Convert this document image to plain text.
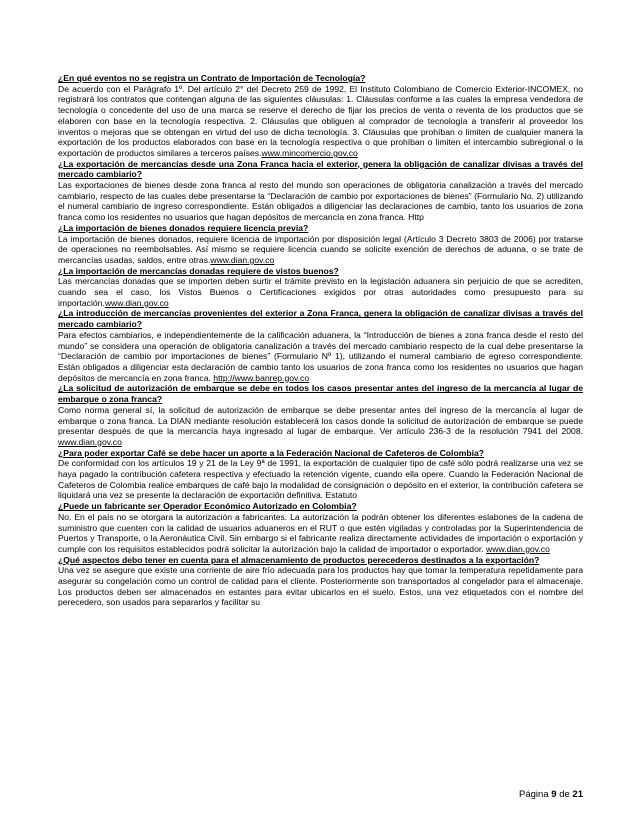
¿En qué eventos no se registra un Contrato de Importación de Tecnología?

De acuerdo con el Parágrafo 1º. Del artículo 2° del Decreto 259 de 1992, El Instituto Colombiano de Comercio Exterior-INCOMEX, no registrará los contratos que contengan alguna de las siguientes cláusulas: 1. Cláusulas conforme a las cuales la empresa vendedora de tecnología o concedente del uso de una marca se reserve el derecho de fijar los precios de venta o reventa de los productos que se elaboren con base en la tecnología respectiva. 2. Cláusulas que obliguen al comprador de tecnología a transferir al proveedor los inventos o mejoras que se obtengan en virtud del uso de dicha tecnología. 3. Cláusulas que prohíban o limiten de cualquier manera la exportación de los productos elaborados con base en la tecnología respectiva o que prohíban o limiten el intercambio subregional o la exportación de productos similares a terceros países.www.mincomercio.gov.co

¿La exportación de mercancías desde una Zona Franca hacia el exterior, genera la obligación de canalizar divisas a través del mercado cambiario?

Las exportaciones de bienes desde zona franca al resto del mundo son operaciones de obligatoria canalización a través del mercado cambiario, respecto de las cuales debe presentarse la “Declaración de cambio por exportaciones de bienes” (Formulario No. 2) utilizando el numeral cambiario de ingreso correspondiente. Están obligados a diligenciar las declaraciones de cambio, tanto los usuarios de zona franca como los residentes no usuarios que hagan depósitos de mercancía en zona franca. Http

¿La importación de bienes donados requiere licencia previa?

La importación de bienes donados, requiere licencia de importación por disposición legal (Artículo 3 Decreto 3803 de 2006) por tratarse de operaciones no reembolsables. Así mismo se requiere licencia cuando se solicite exención de derechos de aduana, o se trate de mercancías usadas, saldos, entre otras.www.dian.gov.co

¿La importación de mercancías donadas requiere de vistos buenos?

Las mercancías donadas que se importen deben surtir el trámite previsto en la legislación aduanera sin perjuicio de que se acrediten, cuando sea el caso, los Vistos Buenos o Certificaciones exigidos por otras autoridades como presupuesto para su importación.www.dian.gov.co

¿La introducción de mercancías provenientes del exterior a Zona Franca, genera la obligación de canalizar divisas a través del mercado cambiario?

Para efectos cambiarios, e independientemente de la calificación aduanera, la “Introducción de bienes a zona franca desde el resto del mundo” se considera una operación de obligatoria canalización a través del mercado cambiario respecto de la cual debe presentarse la “Declaración de cambio por importaciones de bienes” (Formulario Nº 1), utilizando el numeral cambiario de egreso correspondiente. Están obligados a diligenciar esta declaración de cambio tanto los usuarios de zona franca como los residentes no usuarios que hagan depósitos de mercancía en zona franca. http://www.banrep.gov.co

¿La solicitud de autorización de embarque se debe en todos los casos presentar antes del ingreso de la mercancía al lugar de embarque o zona franca?

Como norma general sí, la solicitud de autorización de embarque se debe presentar antes del ingreso de la mercancía al lugar de embarque o zona franca. La DIAN mediante resolución establecerá los casos donde la solicitud de autorización de embarque se puede presentar después de que la mercancía haya ingresado al lugar de embarque. Ver artículo 236-3 de la resolución 7941 del 2008. www.dian.gov.co

¿Para poder exportar Café se debe hacer un aporte a la Federación Nacional de Cafeteros de Colombia?

De conformidad con los artículos 19 y 21 de la Ley 9ª de 1991, la exportación de cualquier tipo de café sólo podrá realizarse una vez se haya pagado la contribución cafetera respectiva y efectuado la retención vigente, cuando ella opere. Cuando la Federación Nacional de Cafeteros de Colombia realice embarques de café bajo la modalidad de consignación o depósito en el exterior, la contribución cafetera se liquidará una vez se presente la declaración de exportación definitiva. Estatuto

¿Puede un fabricante ser Operador Económico Autorizado en Colombia?

No. En el país no se otorgara la autorización a fabricantes. La autorización la podrán obtener los diferentes eslabones de la cadena de suministro que cuenten con la calidad de usuarios aduaneros en el RUT o que estén vigiladas y controladas por la Superintendencia de Puertos y Transporte, o la Aeronáutica Civil. Sin embargo si el fabricante realiza directamente actividades de importación o exportación y cumple con los requisitos establecidos podrá solicitar la autorización bajo la calidad de importador o exportador. www.dian.gov.co

¿Qué aspectos debo tener en cuenta para el almacenamiento de productos perecederos destinados a la exportación?

Una vez se asegure que existe una corriente de aire frío adecuada para los productos hay que tomar la temperatura repetidamente para asegurar su congelación como un control de calidad para el cliente. Posteriormente son transportados al congelador para el almacenaje. Los productos deben ser almacenados en estantes para evitar ubicarlos en el suelo. Estos, una vez etiquetados con el nombre del perecedero, son usados para separarlos y facilitar su

Página 9 de 21
